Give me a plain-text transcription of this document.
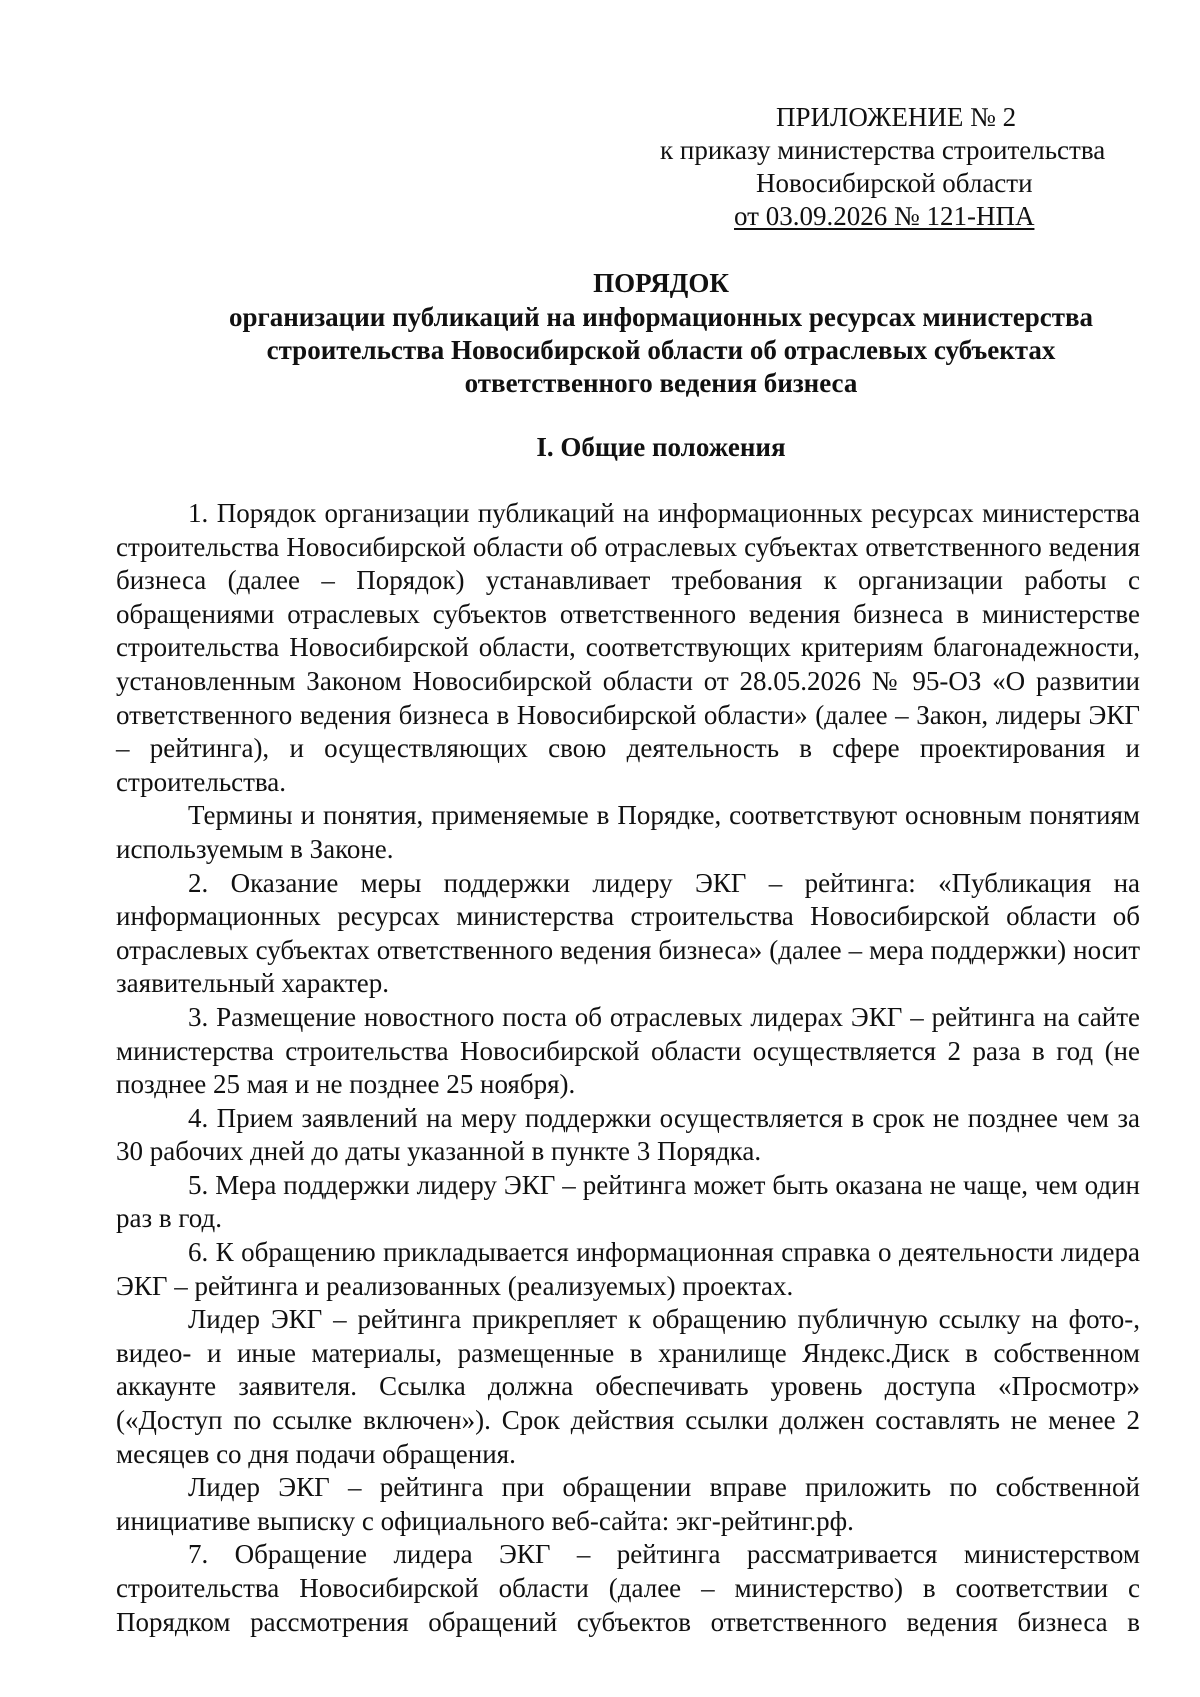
ПРИЛОЖЕНИЕ № 2
к приказу министерства строительства
Новосибирской области
от 03.09.2026 № 121-НПА
ПОРЯДОК
организации публикаций на информационных ресурсах министерства
строительства Новосибирской области об отраслевых субъектах
ответственного ведения бизнеса
I. Общие положения

1. Порядок организации публикаций на информационных ресурсах министерства строительства Новосибирской области об отраслевых субъектах ответственного ведения бизнеса (далее – Порядок) устанавливает требования к организации работы с обращениями отраслевых субъектов ответственного ведения бизнеса в министерстве строительства Новосибирской области, соответствующих критериям благонадежности, установленным Законом Новосибирской области от 28.05.2026 № 95-ОЗ «О развитии ответственного ведения бизнеса в Новосибирской области» (далее – Закон, лидеры ЭКГ – рейтинга), и осуществляющих свою деятельность в сфере проектирования и строительства.

Термины и понятия, применяемые в Порядке, соответствуют основным понятиям используемым в Законе.

2. Оказание меры поддержки лидеру ЭКГ – рейтинга: «Публикация на информационных ресурсах министерства строительства Новосибирской области об отраслевых субъектах ответственного ведения бизнеса» (далее – мера поддержки) носит заявительный характер.

3. Размещение новостного поста об отраслевых лидерах ЭКГ – рейтинга на сайте министерства строительства Новосибирской области осуществляется 2 раза в год (не позднее 25 мая и не позднее 25 ноября).

4. Прием заявлений на меру поддержки осуществляется в срок не позднее чем за 30 рабочих дней до даты указанной в пункте 3 Порядка.

5. Мера поддержки лидеру ЭКГ – рейтинга может быть оказана не чаще, чем один раз в год.

6. К обращению прикладывается информационная справка о деятельности лидера ЭКГ – рейтинга и реализованных (реализуемых) проектах.

Лидер ЭКГ – рейтинга прикрепляет к обращению публичную ссылку на фото-, видео- и иные материалы, размещенные в хранилище Яндекс.Диск в собственном аккаунте заявителя. Ссылка должна обеспечивать уровень доступа «Просмотр» («Доступ по ссылке включен»). Срок действия ссылки должен составлять не менее 2 месяцев со дня подачи обращения.

Лидер ЭКГ – рейтинга при обращении вправе приложить по собственной инициативе выписку с официального веб-сайта: экг-рейтинг.рф.

7. Обращение лидера ЭКГ – рейтинга рассматривается министерством строительства Новосибирской области (далее – министерство) в соответствии с Порядком рассмотрения обращений субъектов ответственного ведения бизнеса в
